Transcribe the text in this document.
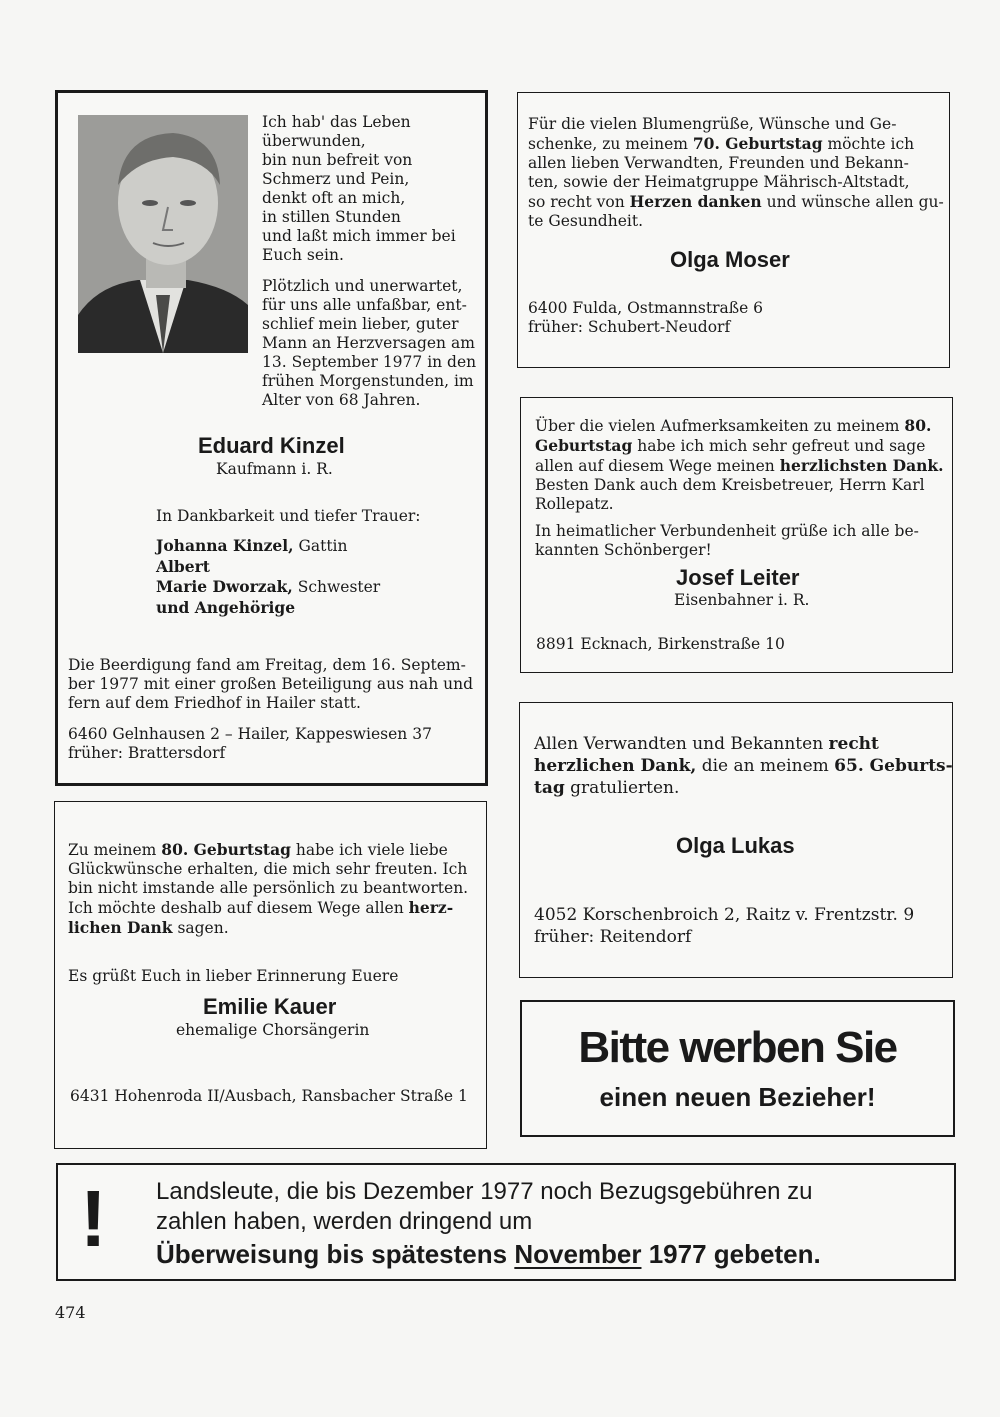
Ich hab' das Leben
überwunden,
bin nun befreit von
Schmerz und Pein,
denkt oft an mich,
in stillen Stunden
und laßt mich immer bei
Euch sein.
Plötzlich und unerwartet,
für uns alle unfaßbar, ent-
schlief mein lieber, guter
Mann an Herzversagen am
13. September 1977 in den
frühen Morgenstunden, im
Alter von 68 Jahren.
Eduard Kinzel
Kaufmann i. R.
In Dankbarkeit und tiefer Trauer:
Johanna Kinzel, Gattin
Albert
Marie Dworzak, Schwester
und Angehörige
Die Beerdigung fand am Freitag, dem 16. Septem-
ber 1977 mit einer großen Beteiligung aus nah und
fern auf dem Friedhof in Hailer statt.
6460 Gelnhausen 2 – Hailer, Kappeswiesen 37
früher: Brattersdorf
Für die vielen Blumengrüße, Wünsche und Ge-
schenke, zu meinem 70. Geburtstag möchte ich
allen lieben Verwandten, Freunden und Bekann-
ten, sowie der Heimatgruppe Mährisch-Altstadt,
so recht von Herzen danken und wünsche allen gu-
te Gesundheit.
Olga Moser
6400 Fulda, Ostmannstraße 6
früher: Schubert-Neudorf
Über die vielen Aufmerksamkeiten zu meinem 80.
Geburtstag habe ich mich sehr gefreut und sage
allen auf diesem Wege meinen herzlichsten Dank.
Besten Dank auch dem Kreisbetreuer, Herrn Karl
Rollepatz.
In heimatlicher Verbundenheit grüße ich alle be-
kannten Schönberger!
Josef Leiter
Eisenbahner i. R.
8891 Ecknach, Birkenstraße 10
Zu meinem 80. Geburtstag habe ich viele liebe
Glückwünsche erhalten, die mich sehr freuten. Ich
bin nicht imstande alle persönlich zu beantworten.
Ich möchte deshalb auf diesem Wege allen herz-
lichen Dank sagen.
Es grüßt Euch in lieber Erinnerung Euere
Emilie Kauer
ehemalige Chorsängerin
6431 Hohenroda II/Ausbach, Ransbacher Straße 1
Allen Verwandten und Bekannten recht
herzlichen Dank, die an meinem 65. Geburts-
tag gratulierten.
Olga Lukas
4052 Korschenbroich 2, Raitz v. Frentzstr. 9
früher: Reitendorf
Bitte werben Sie
einen neuen Bezieher!
! Landsleute, die bis Dezember 1977 noch Bezugsgebühren zu
zahlen haben, werden dringend um
Überweisung bis spätestens November 1977 gebeten.
474
